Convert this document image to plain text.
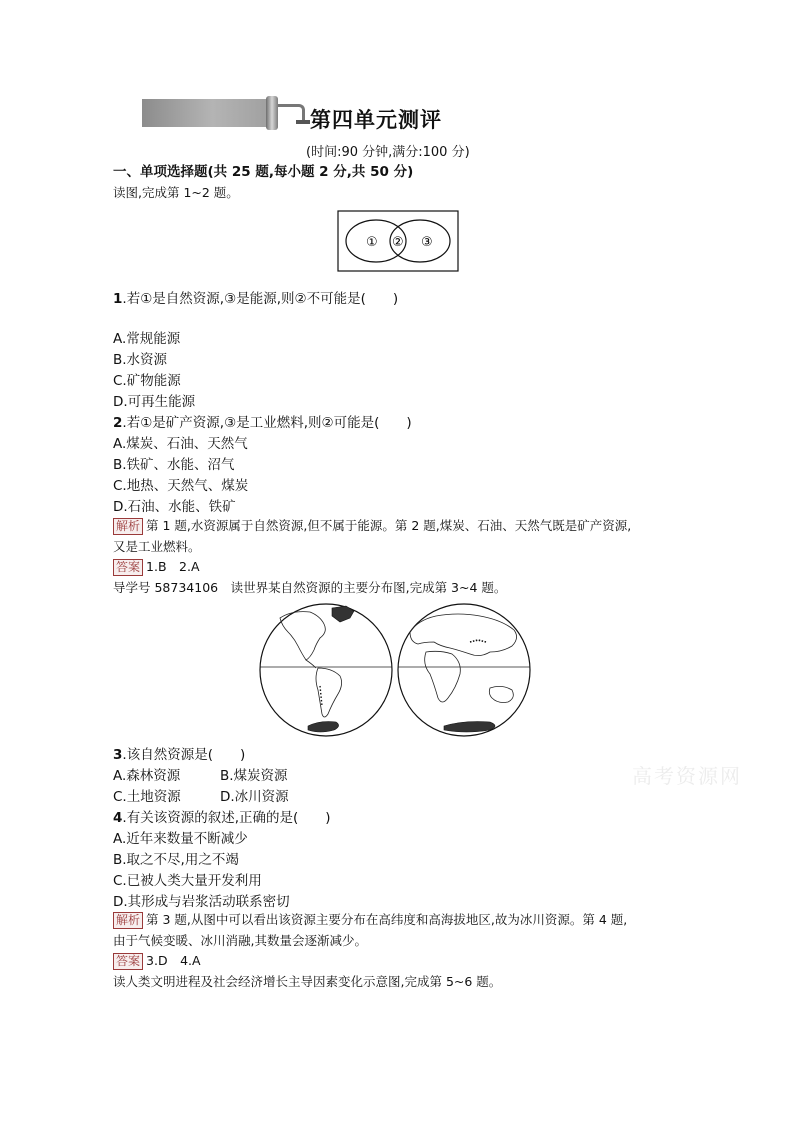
第四单元测评
(时间:90 分钟,满分:100 分)
一、单项选择题(共 25 题,每小题 2 分,共 50 分)
读图,完成第 1~2 题。
① ② ③
1.若①是自然资源,③是能源,则②不可能是(　　)
A.常规能源
B.水资源
C.矿物能源
D.可再生能源
2.若①是矿产资源,③是工业燃料,则②可能是(　　)
A.煤炭、石油、天然气
B.铁矿、水能、沼气
C.地热、天然气、煤炭
D.石油、水能、铁矿
解析 第 1 题,水资源属于自然资源,但不属于能源。第 2 题,煤炭、石油、天然气既是矿产资源,
又是工业燃料。
答案 1.B　2.A
导学号 58734106　读世界某自然资源的主要分布图,完成第 3~4 题。
3.该自然资源是(　　)
A.森林资源	B.煤炭资源
C.土地资源	D.冰川资源
4.有关该资源的叙述,正确的是(　　)
A.近年来数量不断减少
B.取之不尽,用之不竭
C.已被人类大量开发利用
D.其形成与岩浆活动联系密切
解析 第 3 题,从图中可以看出该资源主要分布在高纬度和高海拔地区,故为冰川资源。第 4 题,
由于气候变暖、冰川消融,其数量会逐渐减少。
答案 3.D　4.A
读人类文明进程及社会经济增长主导因素变化示意图,完成第 5~6 题。
高考资源网
